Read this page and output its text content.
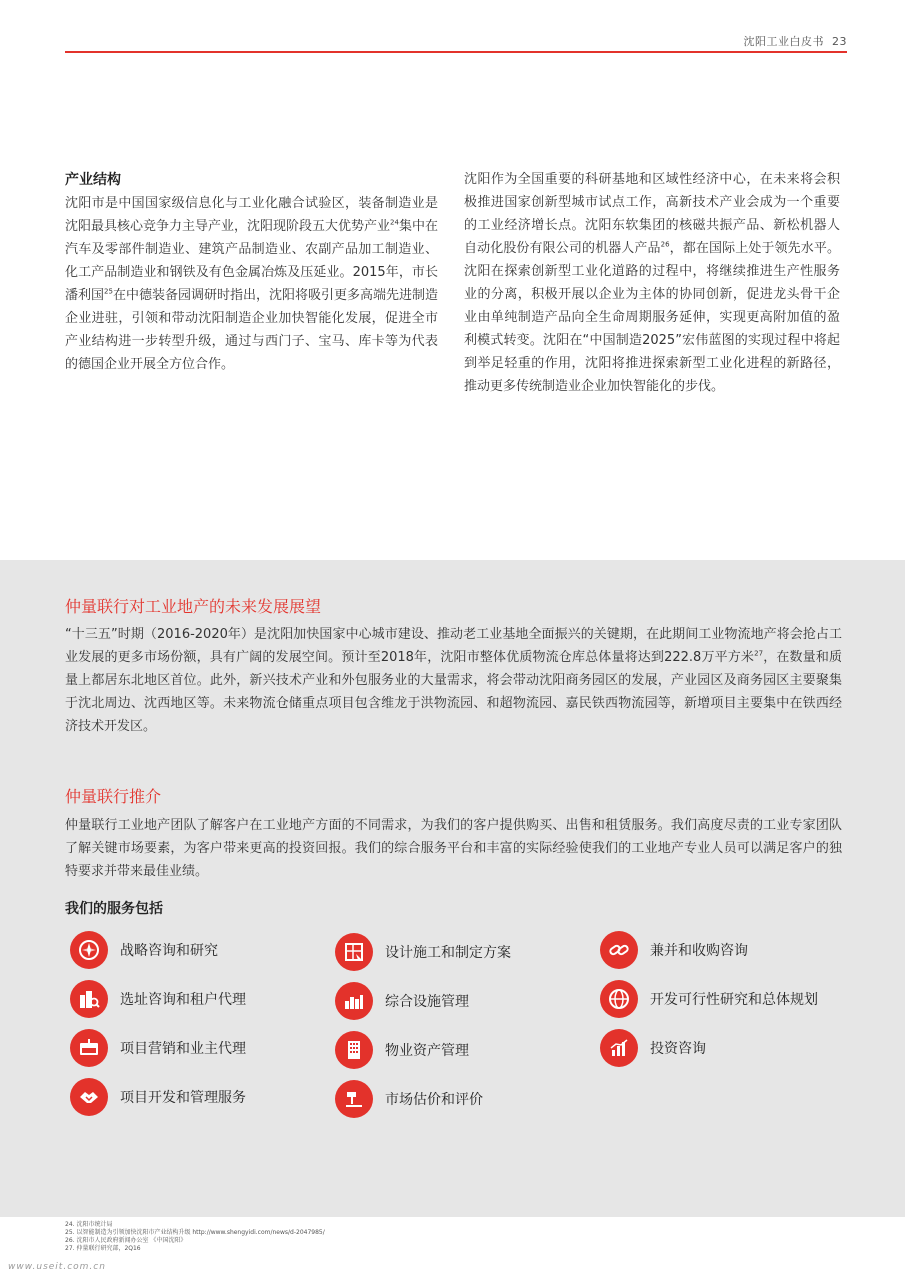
沈阳工业白皮书 23
产业结构

沈阳市是中国国家级信息化与工业化融合试验区，装备制造业是沈阳最具核心竞争力主导产业，沈阳现阶段五大优势产业$^{24}$集中在汽车及零部件制造业、建筑产品制造业、农副产品加工制造业、化工产品制造业和钢铁及有色金属冶炼及压延业。2015年，市长潘利国$^{25}$在中德装备园调研时指出，沈阳将吸引更多高端先进制造企业进驻，引领和带动沈阳制造企业加快智能化发展，促进全市产业结构进一步转型升级，通过与西门子、宝马、库卡等为代表的德国企业开展全方位合作。

沈阳作为全国重要的科研基地和区域性经济中心，在未来将会积极推进国家创新型城市试点工作，高新技术产业会成为一个重要的工业经济增长点。沈阳东软集团的核磁共振产品、新松机器人自动化股份有限公司的机器人产品$^{26}$，都在国际上处于领先水平。沈阳在探索创新型工业化道路的过程中，将继续推进生产性服务业的分离，积极开展以企业为主体的协同创新，促进龙头骨干企业由单纯制造产品向全生命周期服务延伸，实现更高附加值的盈利模式转变。沈阳在“中国制造2025”宏伟蓝图的实现过程中将起到举足轻重的作用，沈阳将推进探索新型工业化进程的新路径，推动更多传统制造业企业加快智能化的步伐。

仲量联行对工业地产的未来发展展望

“十三五”时期（2016-2020年）是沈阳加快国家中心城市建设、推动老工业基地全面振兴的关键期，在此期间工业物流地产将会抢占工业发展的更多市场份额，具有广阔的发展空间。预计至2018年，沈阳市整体优质物流仓库总体量将达到222.8万平方米$^{27}$，在数量和质量上都居东北地区首位。此外，新兴技术产业和外包服务业的大量需求，将会带动沈阳商务园区的发展，产业园区及商务园区主要聚集于沈北周边、沈西地区等。未来物流仓储重点项目包含维龙于洪物流园、和超物流园、嘉民铁西物流园等，新增项目主要集中在铁西经济技术开发区。

仲量联行推介

仲量联行工业地产团队了解客户在工业地产方面的不同需求，为我们的客户提供购买、出售和租赁服务。我们高度尽责的工业专家团队了解关键市场要素，为客户带来更高的投资回报。我们的综合服务平台和丰富的实际经验使我们的工业地产专业人员可以满足客户的独特要求并带来最佳业绩。

我们的服务包括
战略咨询和研究
选址咨询和租户代理
项目营销和业主代理
项目开发和管理服务
设计施工和制定方案
综合设施管理
物业资产管理
市场估价和评价
兼并和收购咨询
开发可行性研究和总体规划
投资咨询
24. 沈阳市统计局
25. 以智能制造为引领加快沈阳市产业结构升级 http://www.shengyidi.com/news/d-2047985/
26. 沈阳市人民政府新闻办公室 《中国沈阳》
27. 仲量联行研究部，2Q16
www.useit.com.cn
